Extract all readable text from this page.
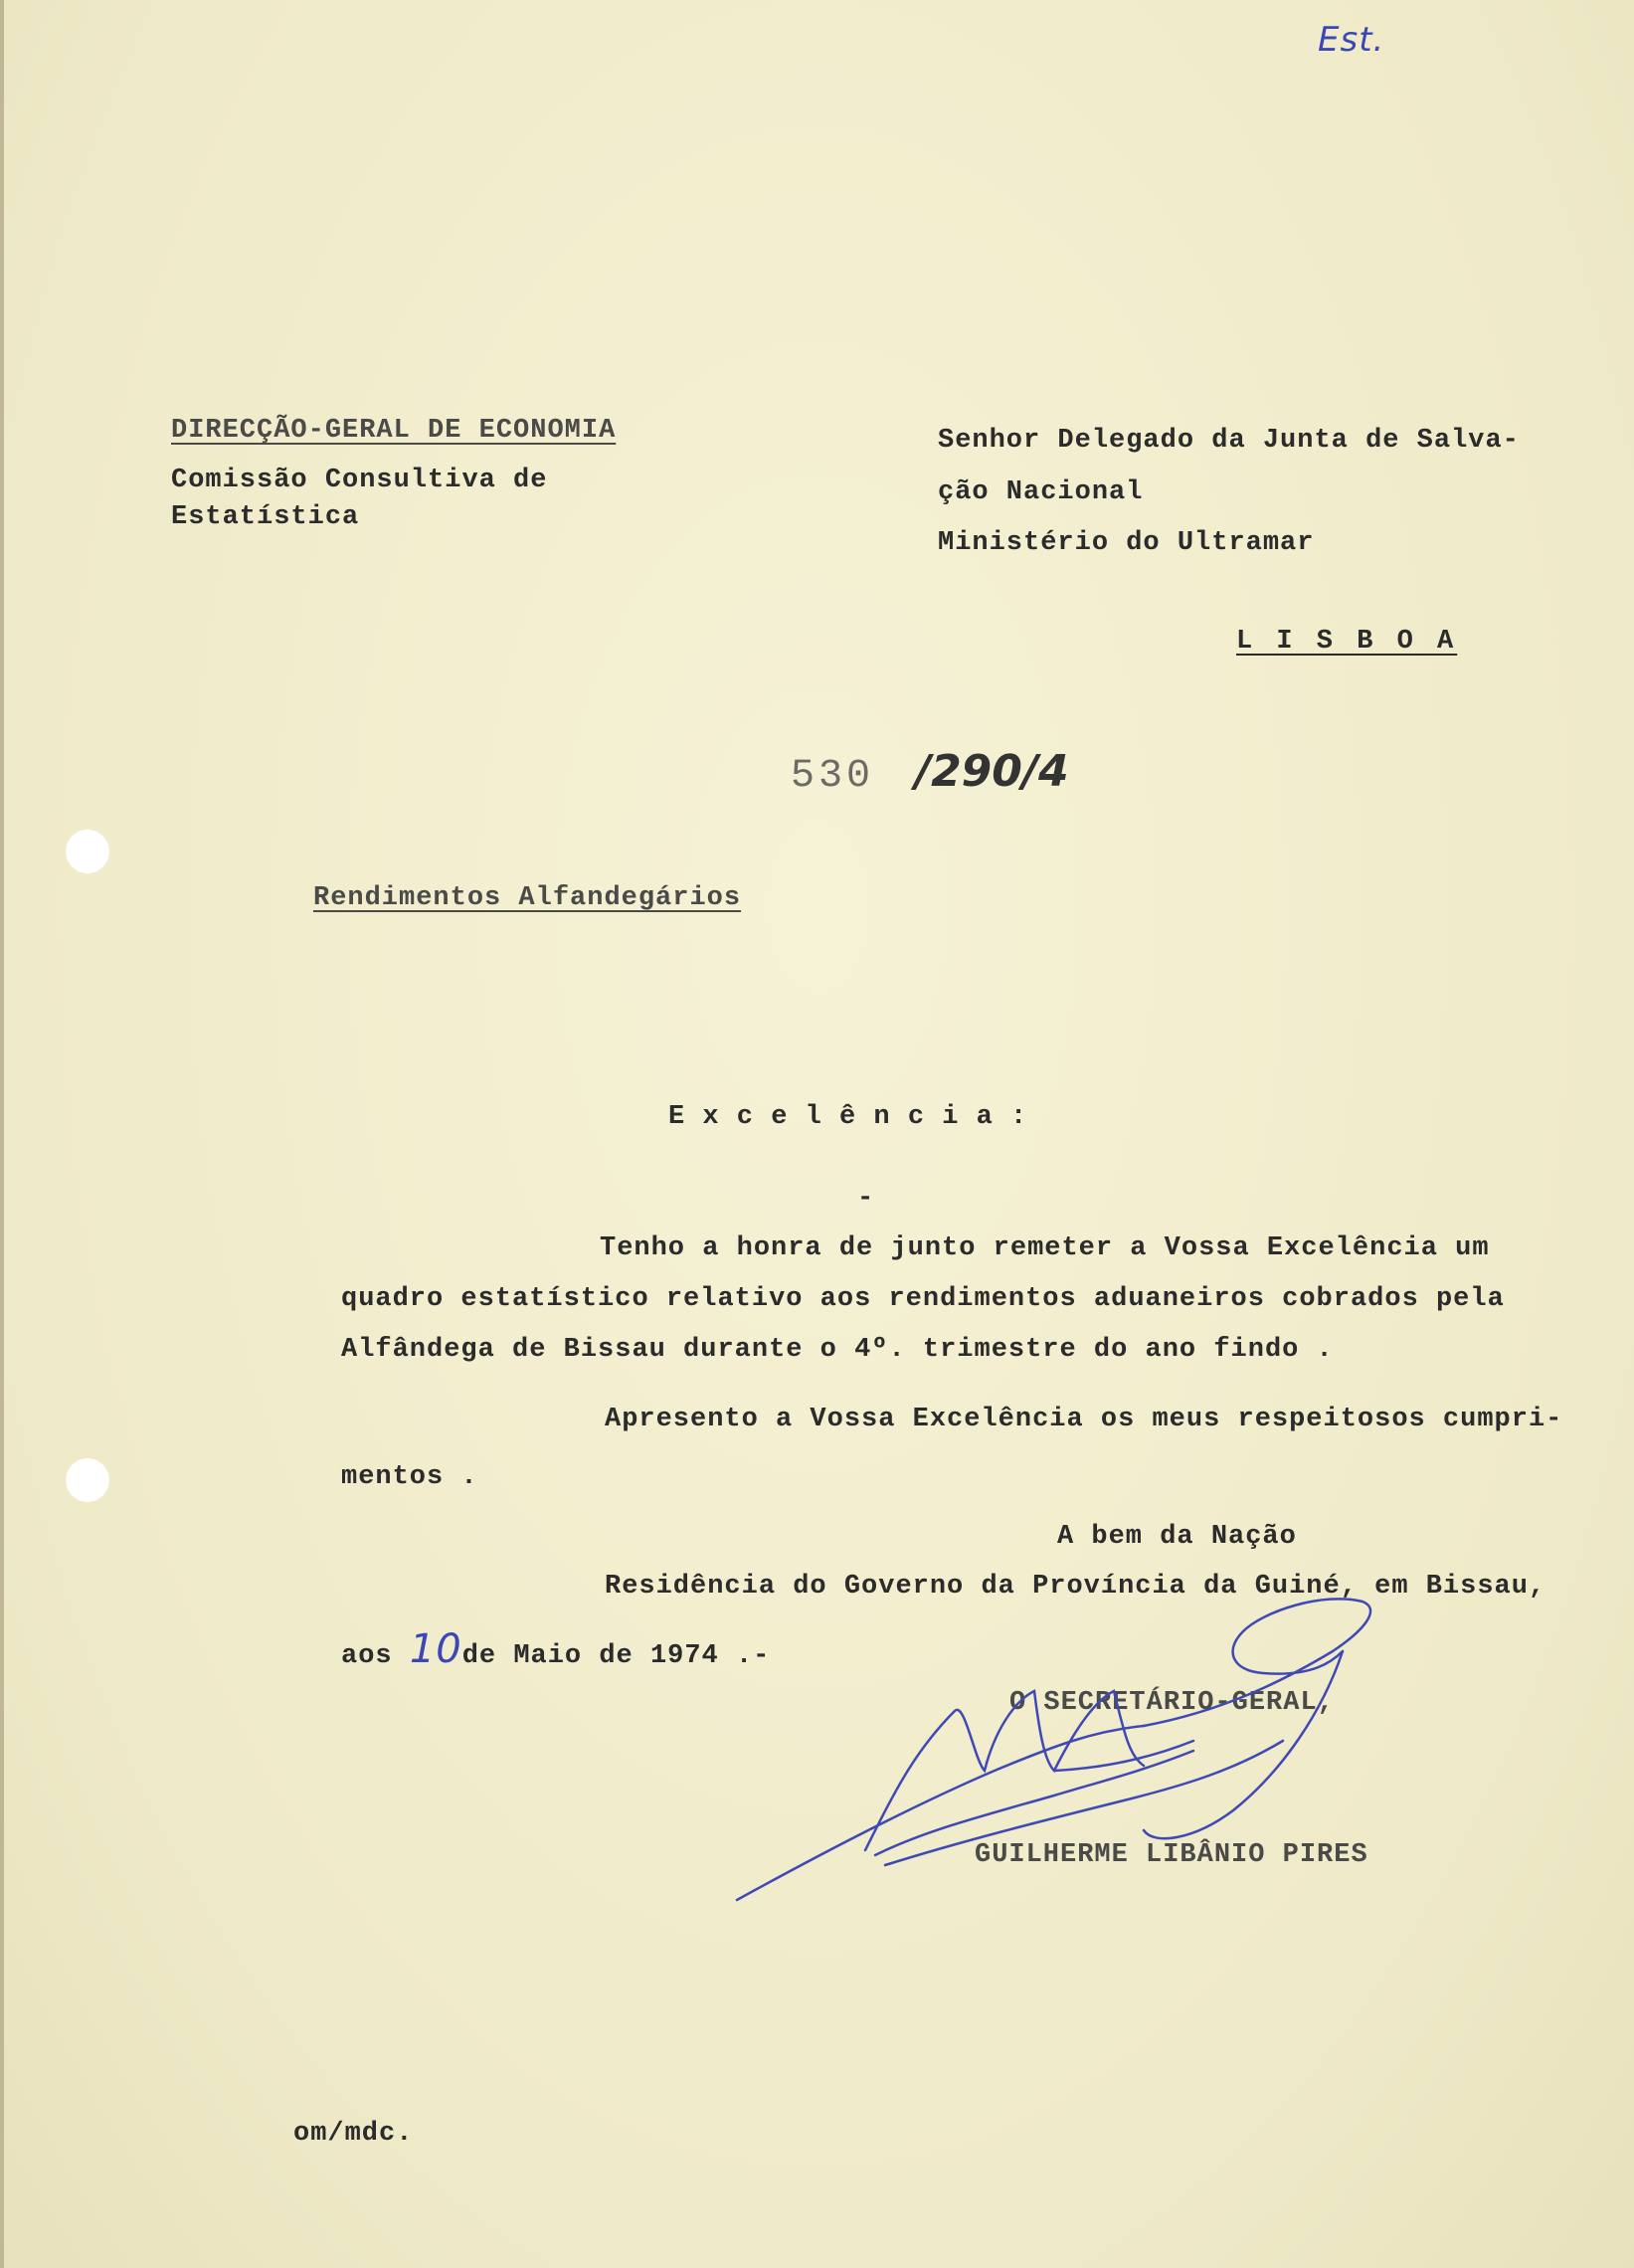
Est.
DIRECÇÃO-GERAL DE ECONOMIA
Comissão Consultiva de
Estatística
Senhor Delegado da Junta de Salva-
ção Nacional
Ministério do Ultramar
L I S B O A
530 /290/4
Rendimentos Alfandegários
E x c e l ê n c i a :
-
Tenho a honra de junto remeter a Vossa Excelência um
quadro estatístico relativo aos rendimentos aduaneiros cobrados pela
Alfândega de Bissau durante o 4º. trimestre do ano findo .
Apresento a Vossa Excelência os meus respeitosos cumpri-
mentos .
A bem da Nação
Residência do Governo da Província da Guiné, em Bissau,
aos 10de Maio de 1974 .-
O SECRETÁRIO-GERAL,
GUILHERME LIBÂNIO PIRES
om/mdc.
